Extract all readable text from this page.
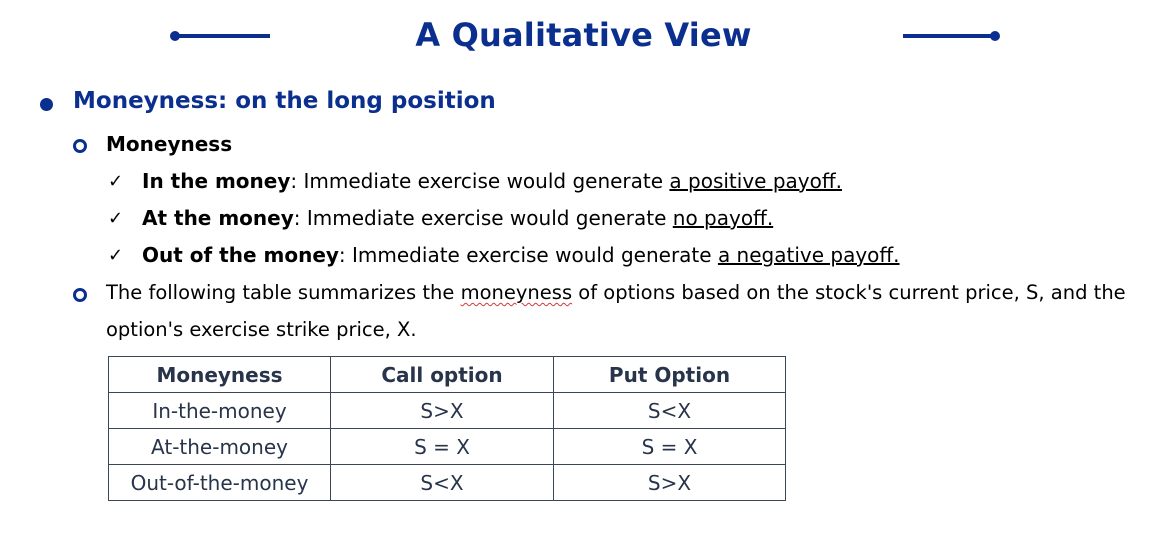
A Qualitative View
Moneyness: on the long position
Moneyness
✓ In the money: Immediate exercise would generate a positive payoff.
✓ At the money: Immediate exercise would generate no payoff.
✓ Out of the money: Immediate exercise would generate a negative payoff.
The following table summarizes the moneyness of options based on the stock's current price, S, and the
option's exercise strike price, X.
Moneyness	Call option	Put Option
In-the-money	S>X	S<X
At-the-money	S = X	S = X
Out-of-the-money	S<X	S>X
